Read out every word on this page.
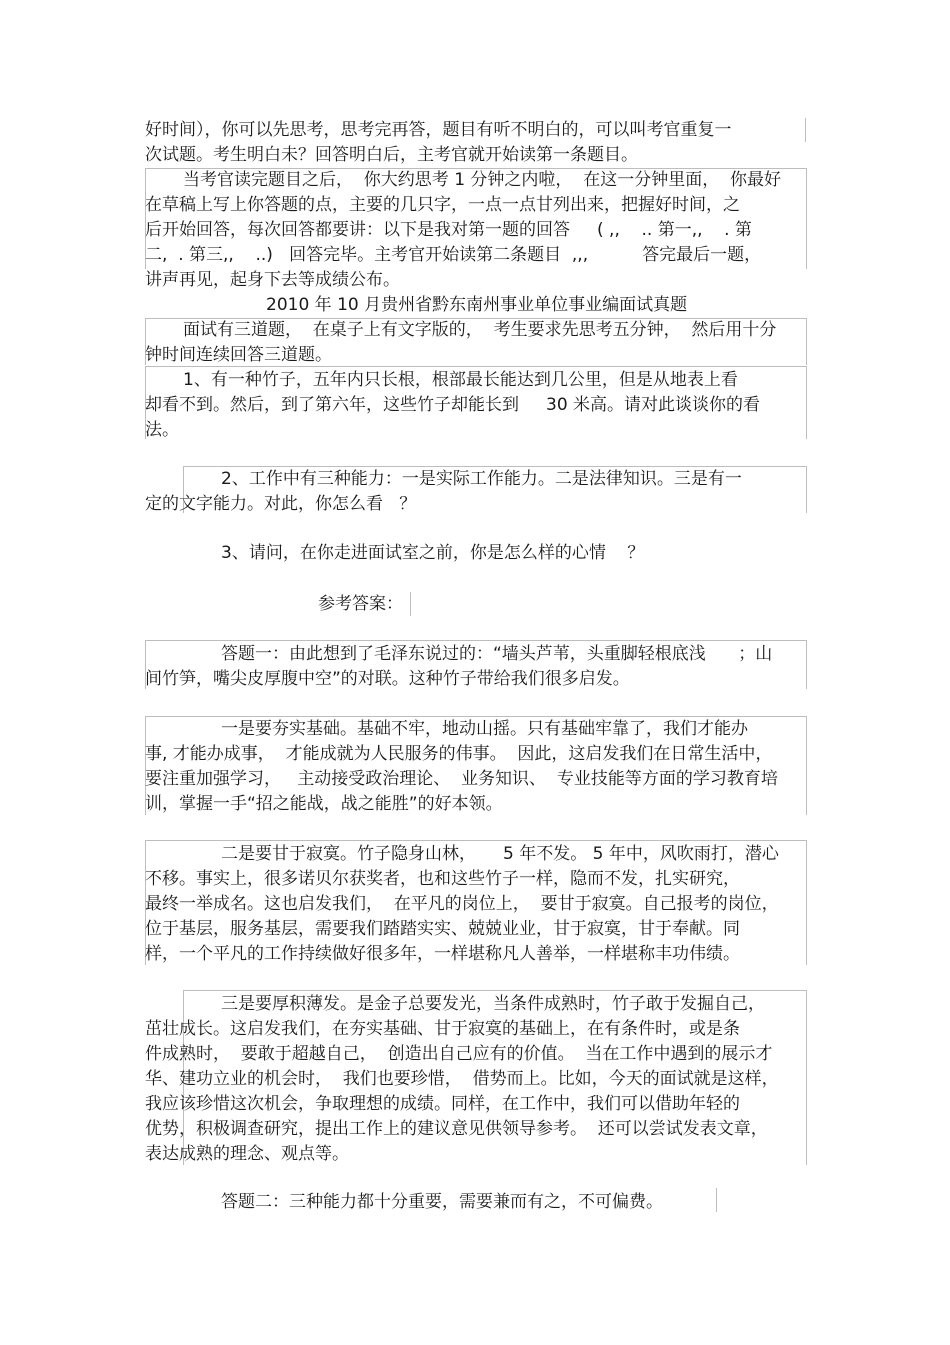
好时间），你可以先思考，思考完再答，题目有听不明白的，可以叫考官重复一
次试题。考生明白未？回答明白后，主考官就开始读第一条题目。
当考官读完题目之后，  你大约思考 1 分钟之内啦，  在这一分钟里面，  你最好
在草稿上写上你答题的点，主要的几只字，一点一点甘列出来，把握好时间，之
后开始回答，每次回答都要讲：以下是我对第一题的回答     ( ,,    .. 第一,,    . 第
二,  . 第三,,    ..)   回答完毕。主考官开始读第二条题目  ,,,          答完最后一题，
讲声再见，起身下去等成绩公布。
2010 年 10 月贵州省黔东南州事业单位事业编面试真题
面试有三道题，  在桌子上有文字版的，  考生要求先思考五分钟，  然后用十分
钟时间连续回答三道题。
1、有一种竹子，五年内只长根，根部最长能达到几公里，但是从地表上看
却看不到。然后，到了第六年，这些竹子却能长到     30 米高。请对此谈谈你的看
法。
2、工作中有三种能力：一是实际工作能力。二是法律知识。三是有一
定的文字能力。对此，你怎么看   ？
3、请问，在你走进面试室之前，你是怎么样的心情    ？
参考答案：
答题一：由此想到了毛泽东说过的：“墙头芦苇，头重脚轻根底浅      ；山
间竹笋，嘴尖皮厚腹中空”的对联。这种竹子带给我们很多启发。
一是要夯实基础。基础不牢，地动山摇。只有基础牢靠了，我们才能办
事, 才能办成事，  才能成就为人民服务的伟事。  因此，这启发我们在日常生活中，
要注重加强学习，   主动接受政治理论、  业务知识、  专业技能等方面的学习教育培
训，掌握一手“招之能战，战之能胜”的好本领。
二是要甘于寂寞。竹子隐身山林，     5 年不发。 5 年中，风吹雨打，潜心
不移。事实上，很多诺贝尔获奖者，也和这些竹子一样，隐而不发，扎实研究，
最终一举成名。这也启发我们，  在平凡的岗位上，  要甘于寂寞。自己报考的岗位，
位于基层，服务基层，需要我们踏踏实实、兢兢业业，甘于寂寞，甘于奉献。同
样，一个平凡的工作持续做好很多年，一样堪称凡人善举，一样堪称丰功伟绩。
三是要厚积薄发。是金子总要发光，当条件成熟时，竹子敢于发掘自己，
茁壮成长。这启发我们，在夯实基础、甘于寂寞的基础上，在有条件时，或是条
件成熟时，  要敢于超越自己，  创造出自己应有的价值。  当在工作中遇到的展示才
华、建功立业的机会时，  我们也要珍惜，  借势而上。比如，今天的面试就是这样，
我应该珍惜这次机会，争取理想的成绩。同样，在工作中，我们可以借助年轻的
优势，积极调查研究，提出工作上的建议意见供领导参考。  还可以尝试发表文章，
表达成熟的理念、观点等。
答题二：三种能力都十分重要，需要兼而有之，不可偏费。
